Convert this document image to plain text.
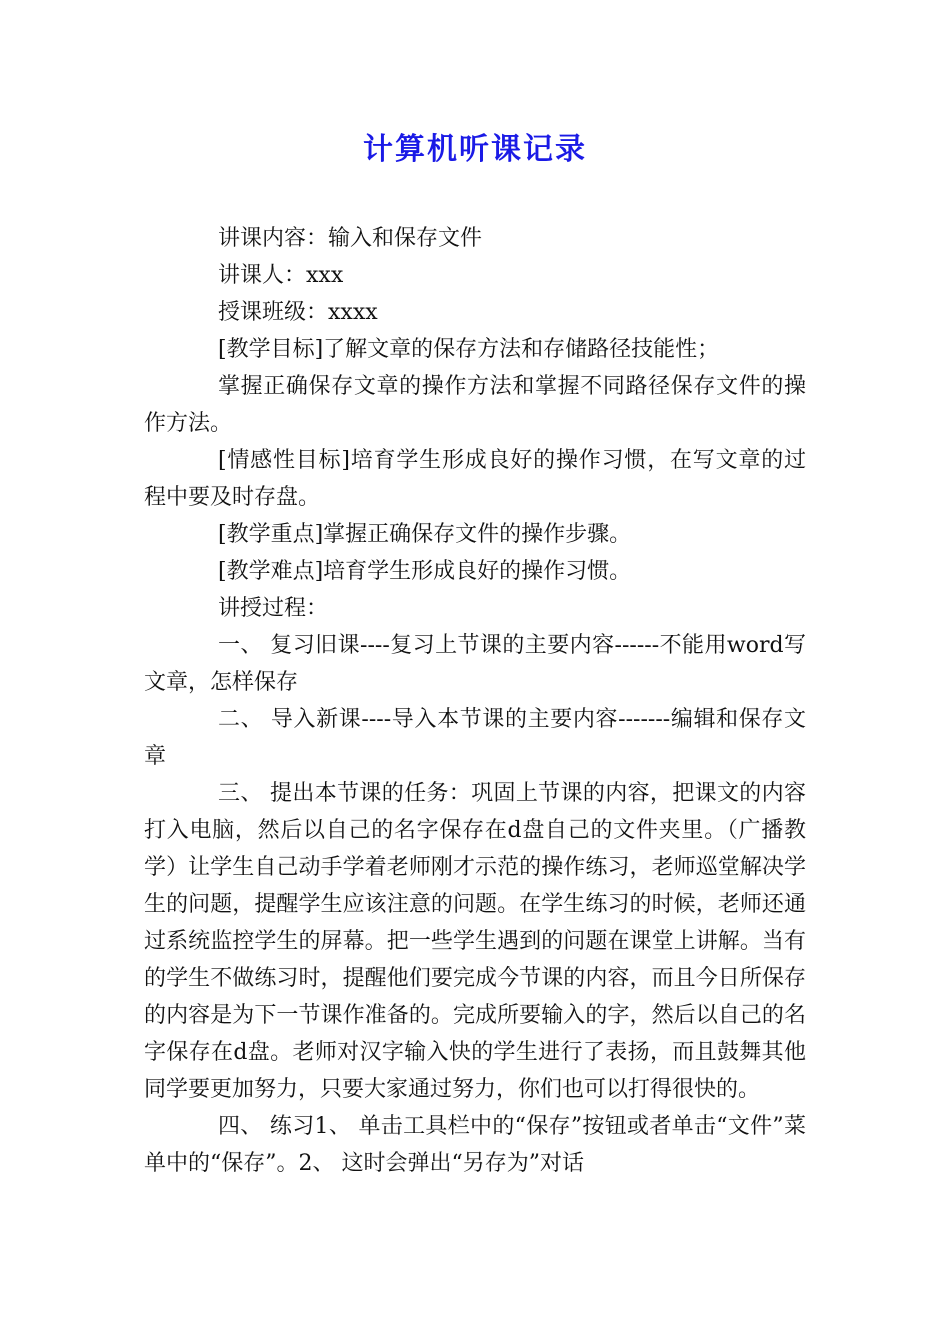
计算机听课记录

讲课内容：输入和保存文件

讲课人：xxx

授课班级：xxxx

[教学目标]了解文章的保存方法和存储路径技能性；

掌握正确保存文章的操作方法和掌握不同路径保存文件的操作方法。

[情感性目标]培育学生形成良好的操作习惯，在写文章的过程中要及时存盘。

[教学重点]掌握正确保存文件的操作步骤。

[教学难点]培育学生形成良好的操作习惯。

讲授过程：

一、 复习旧课----复习上节课的主要内容------不能用word写文章，怎样保存

二、 导入新课----导入本节课的主要内容-------编辑和保存文章

三、 提出本节课的任务：巩固上节课的内容，把课文的内容打入电脑，然后以自己的名字保存在d盘自己的文件夹里。（广播教学）让学生自己动手学着老师刚才示范的操作练习，老师巡堂解决学生的问题，提醒学生应该注意的问题。在学生练习的时候，老师还通过系统监控学生的屏幕。把一些学生遇到的问题在课堂上讲解。当有的学生不做练习时，提醒他们要完成今节课的内容，而且今日所保存的内容是为下一节课作准备的。完成所要输入的字，然后以自己的名字保存在d盘。老师对汉字输入快的学生进行了表扬，而且鼓舞其他同学要更加努力，只要大家通过努力，你们也可以打得很快的。

四、 练习1、 单击工具栏中的“保存”按钮或者单击“文件”菜单中的“保存”。2、 这时会弹出“另存为”对话
